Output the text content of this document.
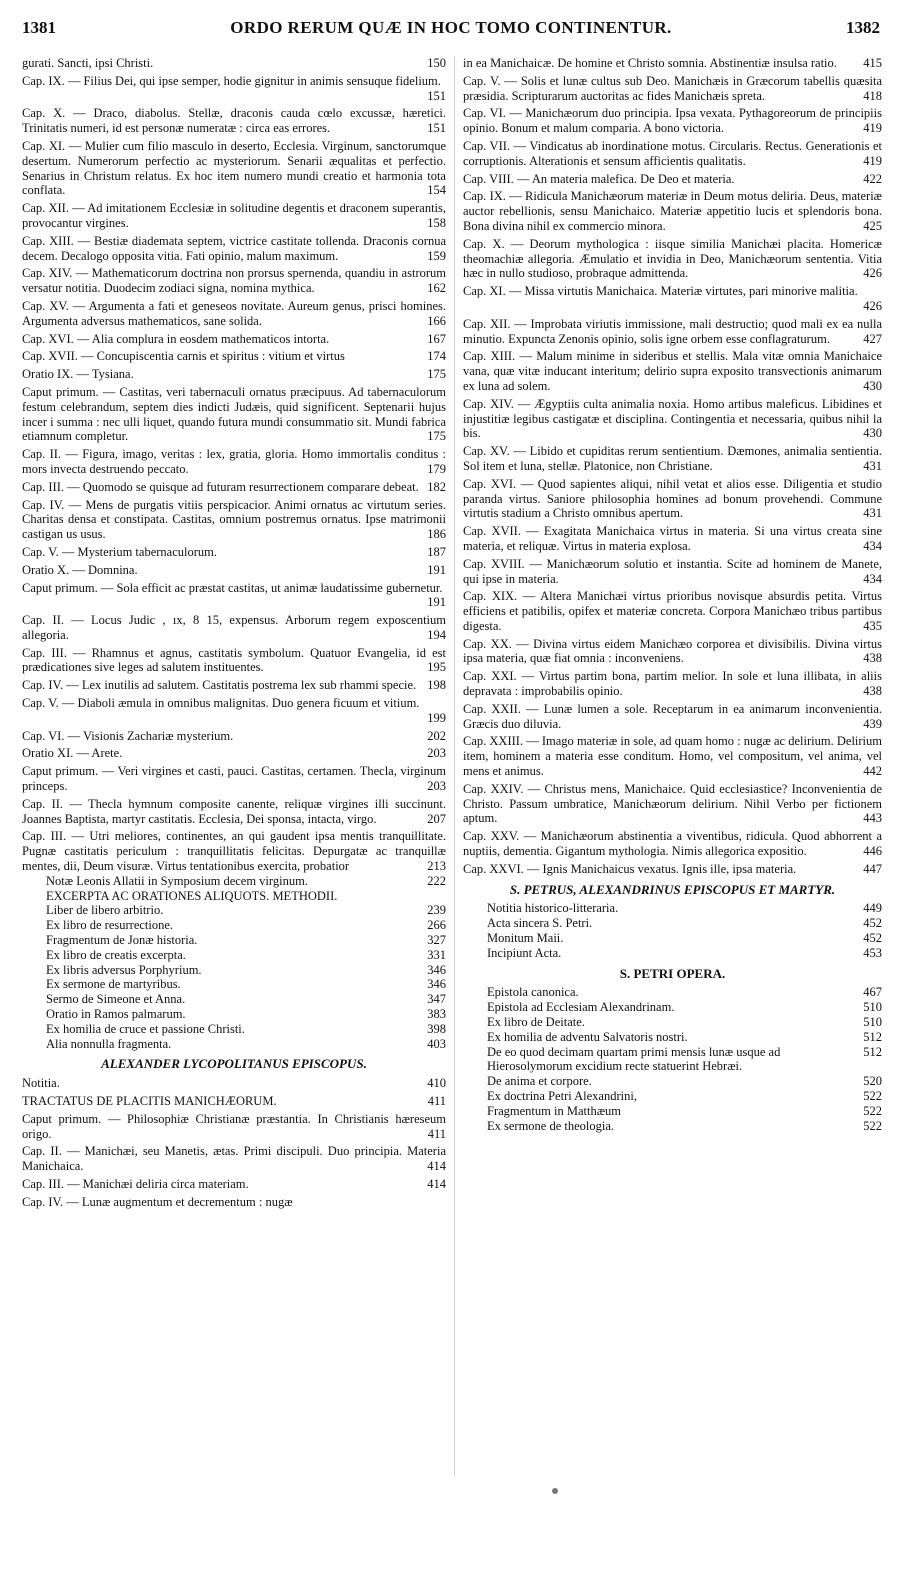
1381	ORDO RERUM QUÆ IN HOC TOMO CONTINENTUR.	1382
gurati. Sancti, ipsi Christi.	150
Cap. IX. — Filius Dei, qui ipse semper, hodie gignitur in animis sensuque fidelium.
151
Cap. X. — Draco, diabolus. Stellæ, draconis cauda cœlo excussæ, hæretici. Trinitatis numeri, id est personæ numeratæ : circa eas errores.	151
Cap. XI. — Mulier cum filio masculo in deserto, Ecclesia. Virginum, sanctorumque desertum. Numerorum perfectio ac mysteriorum. Senarii æqualitas et perfectio. Senarius in Christum relatus. Ex hoc item numero mundi creatio et harmonia tota conflata.	154
Cap. XII. — Ad imitationem Ecclesiæ in solitudine degentis et draconem superantis, provocantur virgines.	158
Cap. XIII. — Bestiæ diademata septem, victrice castitate tollenda. Draconis cornua decem. Decalogo opposita vitia. Fati opinio, malum maximum.	159
Cap. XIV. — Mathematicorum doctrina non prorsus spernenda, quandiu in astrorum versatur notitia. Duodecim zodiaci signa, nomina mythica.	162
Cap. XV. — Argumenta a fati et geneseos novitate. Aureum genus, prisci homines. Argumenta adversus mathematicos, sane solida.	166
Cap. XVI. — Alia complura in eosdem mathematicos intorta.	167
Cap. XVII. — Concupiscentia carnis et spiritus : vitium et virtus	174
Oratio IX. — Tysiana.	175
Caput primum. — Castitas, veri tabernaculi ornatus præcipuus. Ad tabernaculorum festum celebrandum, septem dies indicti Judæis, quid significent. Septenarii hujus incer i summa : nec ulli liquet, quando futura mundi consummatio sit. Mundi fabrica etiamnum completur.	175
Cap. II. — Figura, imago, veritas : lex, gratia, gloria. Homo immortalis conditus : mors invecta destruendo peccato.	179
Cap. III. — Quomodo se quisque ad futuram resurrectionem comparare debeat. 182
Cap. IV. — Mens de purgatis vitiis perspicacior. Animi ornatus ac virtutum series. Charitas densa et constipata. Castitas, omnium postremus ornatus. Ipse matrimonii castigan us usus.	186
Cap. V. — Mysterium tabernaculorum.	187
Oratio X. — Domnina.	191
Caput primum. — Sola efficit ac præstat castitas, ut animæ laudatissime gubernetur.
191
Cap. II. — Locus Judic , ıx, 8 15, expensus. Arborum regem exposcentium allegoria.	194
Cap. III. — Rhamnus et agnus, castitatis symbolum. Quatuor Evangelia, id est prædicationes sive leges ad salutem instituentes.	195
Cap. IV. — Lex inutilis ad salutem. Castitatis postrema lex sub rhammi specie. 198
Cap. V. — Diaboli æmula in omnibus malignitas. Duo genera ficuum et vitium.
199
Cap. VI. — Visionis Zachariæ mysterium.	202
Oratio XI. — Arete.	203
Caput primum. — Veri virgines et casti, pauci. Castitas, certamen. Thecla, virginum princeps.	203
Cap. II. — Thecla hymnum composite canente, reliquæ virgines illi succinunt. Joannes Baptista, martyr castitatis. Ecclesia, Dei sponsa, intacta, virgo.	207
Cap. III. — Utri meliores, continentes, an qui gaudent ipsa mentis tranquillitate. Pugnæ castitatis periculum : tranquillitatis felicitas. Depurgatæ ac tranquillæ mentes, dii, Deum visuræ. Virtus tentationibus exercita, probatior	213
Notæ Leonis Allatii in Symposium decem virginum.	222
EXCERPTA AC ORATIONES ALIQUOTS. METHODII.
Liber de libero arbitrio.	239
Ex libro de resurrectione.	266
Fragmentum de Jonæ historia.	327
Ex libro de creatis excerpta.	331
Ex libris adversus Porphyrium.	346
Ex sermone de martyribus.	346
Sermo de Simeone et Anna.	347
Oratio in Ramos palmarum.	383
Ex homilia de cruce et passione Christi.	398
Alia nonnulla fragmenta.	403
ALEXANDER LYCOPOLITANUS EPISCOPUS.
Notitia.	410
TRACTATUS DE PLACITIS MANICHÆORUM.	411
Caput primum. — Philosophiæ Christianæ præstantia. In Christianis hæreseum origo.	411
Cap. II. — Manichæi, seu Manetis, ætas. Primi discipuli. Duo principia. Materia Manichaica.	414
Cap. III. — Manichæi deliria circa materiam.	414
Cap. IV. — Lunæ augmentum et decrementum : nugæ
in ea Manichaicæ. De homine et Christo somnia. Abstinentiæ insulsa ratio. 415
Cap. V. — Solis et lunæ cultus sub Deo. Manichæis in Græcorum tabellis quæsita præsidia. Scripturarum auctoritas ac fides Manichæis spreta.	418
Cap. VI. — Manichæorum duo principia. Ipsa vexata. Pythagoreorum de principiis opinio. Bonum et malum comparia. A bono victoria.	419
Cap. VII. — Vindicatus ab inordinatione motus. Circularis. Rectus. Generationis et corruptionis. Alterationis et sensum afficientis qualitatis.	419
Cap. VIII. — An materia malefica. De Deo et materia.	422
Cap. IX. — Ridicula Manichæorum materiæ in Deum motus deliria. Deus, materiæ auctor rebellionis, sensu Manichaico. Materiæ appetitio lucis et splendoris bona. Bona divina nihil ex commercio minora.	425
Cap. X. — Deorum mythologica : iisque similia Manichæi placita. Homericæ theomachiæ allegoria. Æmulatio et invidia in Deo, Manichæorum sententia. Vitia hæc in nullo studioso, probraque admittenda.	426
Cap. XI. — Missa virtutis Manichaica. Materiæ virtutes, pari minorive malitia.
426
Cap. XII. — Improbata viriutis immissione, mali destructio; quod mali ex ea nulla minutio. Expuncta Zenonis opinio, solis igne orbem esse conflagraturum.	427
Cap. XIII. — Malum minime in sideribus et stellis. Mala vitæ omnia Manichaice vana, quæ vitæ inducant interitum; delirio supra exposito transvectionis animarum ex luna ad solem.	430
Cap. XIV. — Ægyptiis culta animalia noxia. Homo artibus maleficus. Libidines et injustitiæ legibus castigatæ et disciplina. Contingentia et necessaria, quibus nihil la bis.	430
Cap. XV. — Libido et cupiditas rerum sentientium. Dæmones, animalia sentientia. Sol item et luna, stellæ. Platonice, non Christiane.	431
Cap. XVI. — Quod sapientes aliqui, nihil vetat et alios esse. Diligentia et studio paranda virtus. Saniore philosophia homines ad bonum provehendi. Commune virtutis stadium a Christo omnibus apertum.	431
Cap. XVII. — Exagitata Manichaica virtus in materia. Si una virtus creata sine materia, et reliquæ. Virtus in materia explosa.	434
Cap. XVIII. — Manichæorum solutio et instantia. Scite ad hominem de Manete, qui ipse in materia.	434
Cap. XIX. — Altera Manichæi virtus prioribus novisque absurdis petita. Virtus efficiens et patibilis, opifex et materiæ concreta. Corpora Manichæo tribus partibus digesta.	435
Cap. XX. — Divina virtus eidem Manichæo corporea et divisibilis. Divina virtus ipsa materia, quæ fiat omnia : inconveniens.	438
Cap. XXI. — Virtus partim bona, partim melior. In sole et luna illibata, in aliis depravata : improbabilis opinio.	438
Cap. XXII. — Lunæ lumen a sole. Receptarum in ea animarum inconvenientia. Græcis duo diluvia.	439
Cap. XXIII. — Imago materiæ in sole, ad quam homo : nugæ ac delirium. Delirium item, hominem a materia esse conditum. Homo, vel compositum, vel anima, vel mens et animus.	442
Cap. XXIV. — Christus mens, Manichaice. Quid ecclesiastice? Inconvenientia de Christo. Passum umbratice, Manichæorum delirium. Nihil Verbo per fictionem aptum.	443
Cap. XXV. — Manichæorum abstinentia a viventibus, ridicula. Quod abhorrent a nuptiis, dementia. Gigantum mythologia. Nimis allegorica expositio.	446
Cap. XXVI. — Ignis Manichaicus vexatus. Ignis ille, ipsa materia.	447
S. PETRUS, ALEXANDRINUS EPISCOPUS ET MARTYR.
Notitia historico-litteraria.	449
Acta sincera S. Petri.	452
Monitum Maii.	452
Incipiunt Acta.	453
S. PETRI OPERA.
Epistola canonica.	467
Epistola ad Ecclesiam Alexandrinam.	510
Ex libro de Deitate.	510
Ex homilia de adventu Salvatoris nostri.	512
De eo quod decimam quartam primi mensis lunæ usque ad Hierosolymorum excidium recte statuerint Hebræi.
512
De anima et corpore.	520
Ex doctrina Petri Alexandrini,	522
Fragmentum in Matthæum	522
Ex sermone de theologia.	522
